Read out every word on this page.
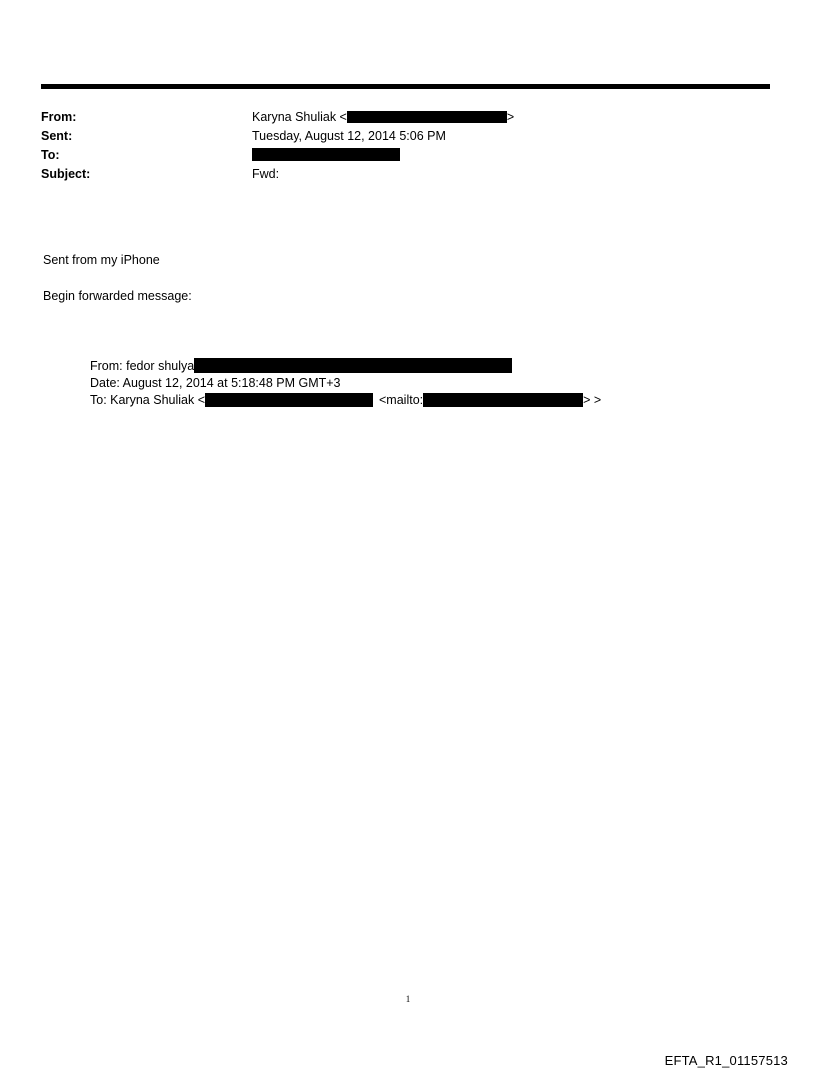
From:	Karyna Shuliak <	>
Sent:	Tuesday, August 12, 2014 5:06 PM
To:
Subject:	Fwd:
Sent from my iPhone
Begin forwarded message:
From: fedor shulya
Date: August 12, 2014 at 5:18:48 PM GMT+3
To: Karyna Shuliak <	<mailto:	> >
1
EFTA_R1_01157513
